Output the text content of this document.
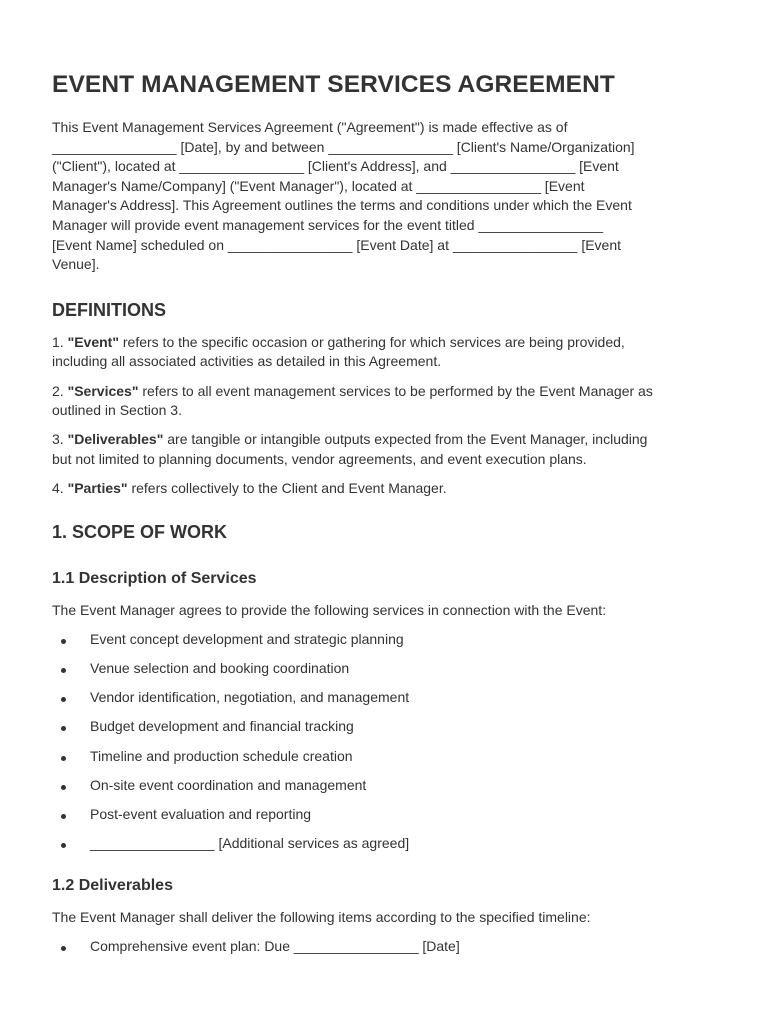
EVENT MANAGEMENT SERVICES AGREEMENT

This Event Management Services Agreement ("Agreement") is made effective as of
________________ [Date], by and between ________________ [Client's Name/Organization]
("Client"), located at ________________ [Client's Address], and ________________ [Event
Manager's Name/Company] ("Event Manager"), located at ________________ [Event
Manager's Address]. This Agreement outlines the terms and conditions under which the Event
Manager will provide event management services for the event titled ________________
[Event Name] scheduled on ________________ [Event Date] at ________________ [Event
Venue].

DEFINITIONS

1. "Event" refers to the specific occasion or gathering for which services are being provided,
including all associated activities as detailed in this Agreement.

2. "Services" refers to all event management services to be performed by the Event Manager as
outlined in Section 3.

3. "Deliverables" are tangible or intangible outputs expected from the Event Manager, including
but not limited to planning documents, vendor agreements, and event execution plans.

4. "Parties" refers collectively to the Client and Event Manager.

1. SCOPE OF WORK
1.1 Description of Services

The Event Manager agrees to provide the following services in connection with the Event:

Event concept development and strategic planning
Venue selection and booking coordination
Vendor identification, negotiation, and management
Budget development and financial tracking
Timeline and production schedule creation
On-site event coordination and management
Post-event evaluation and reporting
________________ [Additional services as agreed]
1.2 Deliverables

The Event Manager shall deliver the following items according to the specified timeline:

Comprehensive event plan: Due ________________ [Date]
